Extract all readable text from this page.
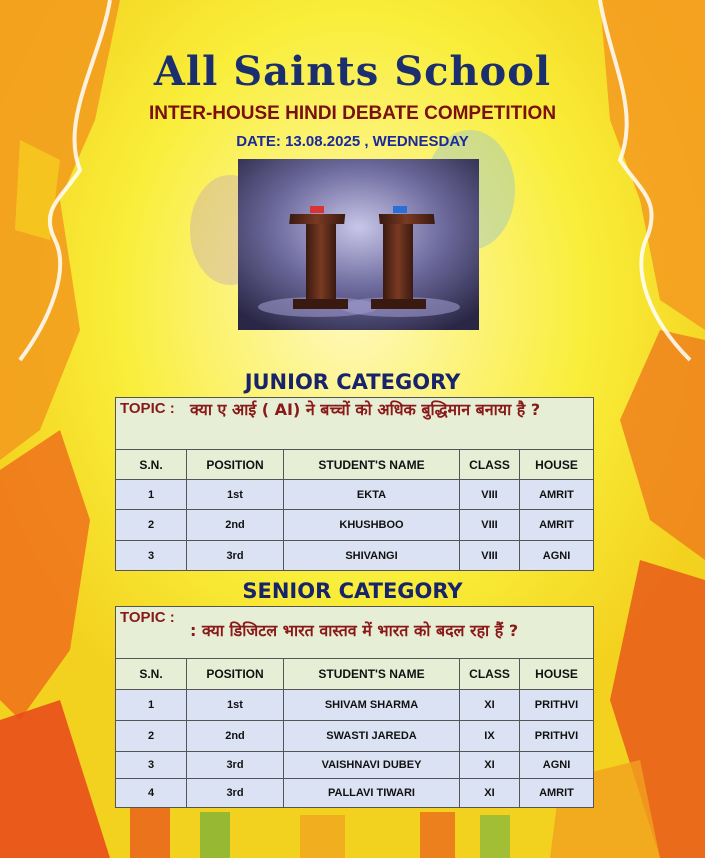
All Saints School
INTER-HOUSE HINDI DEBATE COMPETITION
DATE: 13.08.2025 , WEDNESDAY
JUNIOR CATEGORY
TOPIC : क्या ए आई ( AI) ने बच्चों को अधिक बुद्धिमान बनाया है ?				
S.N.	POSITION	STUDENT'S NAME	CLASS	HOUSE
1	1st	EKTA	VIII	AMRIT
2	2nd	KHUSHBOO	VIII	AMRIT
3	3rd	SHIVANGI	VIII	AGNI
SENIOR CATEGORY
TOPIC :: क्या डिजिटल भारत वास्तव में भारत को बदल रहा हैं ?				
S.N.	POSITION	STUDENT'S NAME	CLASS	HOUSE
1	1st	SHIVAM SHARMA	XI	PRITHVI
2	2nd	SWASTI JAREDA	IX	PRITHVI
3	3rd	VAISHNAVI DUBEY	XI	AGNI
4	3rd	PALLAVI TIWARI	XI	AMRIT
